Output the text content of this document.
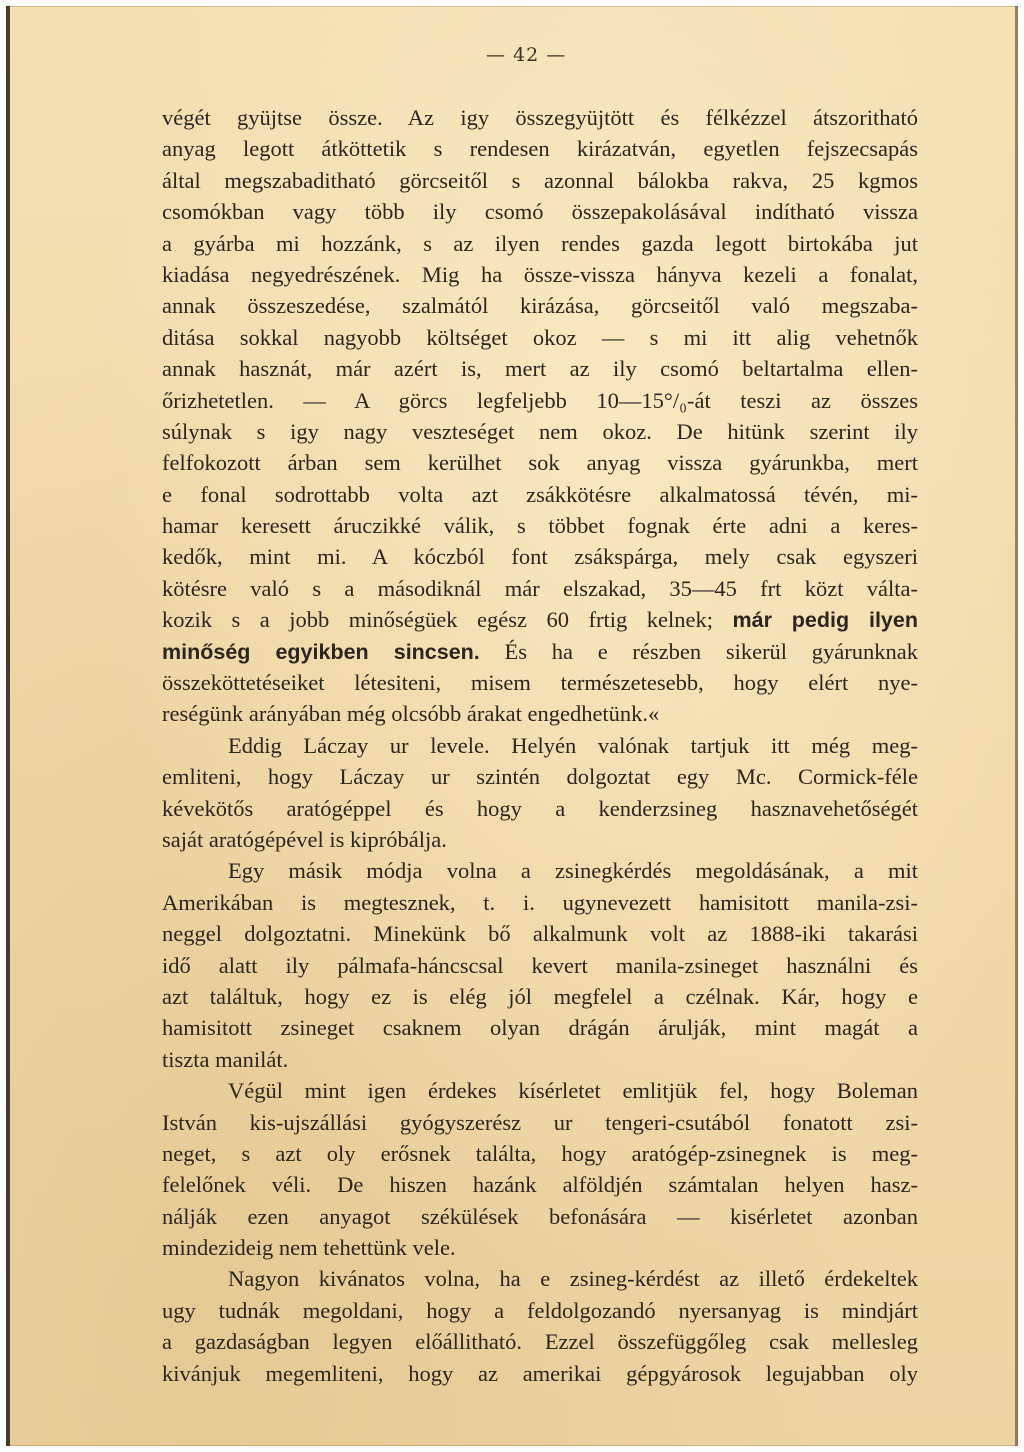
— 42 —
végét gyüjtse össze. Az igy összegyüjtött és félkézzel átszoritható
anyag legott átköttetik s rendesen kirázatván, egyetlen fejszecsapás
által megszabaditható görcseitől s azonnal bálokba rakva, 25 kgmos
csomókban vagy több ily csomó összepakolásával indítható vissza
a gyárba mi hozzánk, s az ilyen rendes gazda legott birtokába jut
kiadása negyedrészének. Mig ha össze-vissza hányva kezeli a fonalat,
annak összeszedése, szalmától kirázása, görcseitől való megszaba-
ditása sokkal nagyobb költséget okoz — s mi itt alig vehetnők
annak hasznát, már azért is, mert az ily csomó beltartalma ellen-
őrizhetetlen. — A görcs legfeljebb 10—15°/₀-át teszi az összes
súlynak s igy nagy veszteséget nem okoz. De hitünk szerint ily
felfokozott árban sem kerülhet sok anyag vissza gyárunkba, mert
e fonal sodrottabb volta azt zsákkötésre alkalmatossá tévén, mi-
hamar keresett áruczikké válik, s többet fognak érte adni a keres-
kedők, mint mi. A kóczból font zsákspárga, mely csak egyszeri
kötésre való s a másodiknál már elszakad, 35—45 frt közt válta-
kozik s a jobb minőségüek egész 60 frtig kelnek; már pedig ilyen
minőség egyikben sincsen. És ha e részben sikerül gyárunknak
összeköttetéseiket létesiteni, misem természetesebb, hogy elért nye-
reségünk arányában még olcsóbb árakat engedhetünk.«
Eddig Láczay ur levele. Helyén valónak tartjuk itt még meg-
emliteni, hogy Láczay ur szintén dolgoztat egy Mc. Cormick-féle
kévekötős aratógéppel és hogy a kenderzsineg hasznavehetőségét
saját aratógépével is kipróbálja.
Egy másik módja volna a zsinegkérdés megoldásának, a mit
Amerikában is megtesznek, t. i. ugynevezett hamisitott manila-zsi-
neggel dolgoztatni. Minekünk bő alkalmunk volt az 1888-iki takarási
idő alatt ily pálmafa-háncscsal kevert manila-zsineget használni és
azt találtuk, hogy ez is elég jól megfelel a czélnak. Kár, hogy e
hamisitott zsineget csaknem olyan drágán árulják, mint magát a
tiszta manilát.
Végül mint igen érdekes kísérletet emlitjük fel, hogy Boleman
István kis-ujszállási gyógyszerész ur tengeri-csutából fonatott zsi-
neget, s azt oly erősnek találta, hogy aratógép-zsinegnek is meg-
felelőnek véli. De hiszen hazánk alföldjén számtalan helyen hasz-
nálják ezen anyagot székülések befonására — kisérletet azonban
mindezideig nem tehettünk vele.
Nagyon kivánatos volna, ha e zsineg-kérdést az illető érdekeltek
ugy tudnák megoldani, hogy a feldolgozandó nyersanyag is mindjárt
a gazdaságban legyen előállitható. Ezzel összefüggőleg csak mellesleg
kivánjuk megemliteni, hogy az amerikai gépgyárosok legujabban oly
